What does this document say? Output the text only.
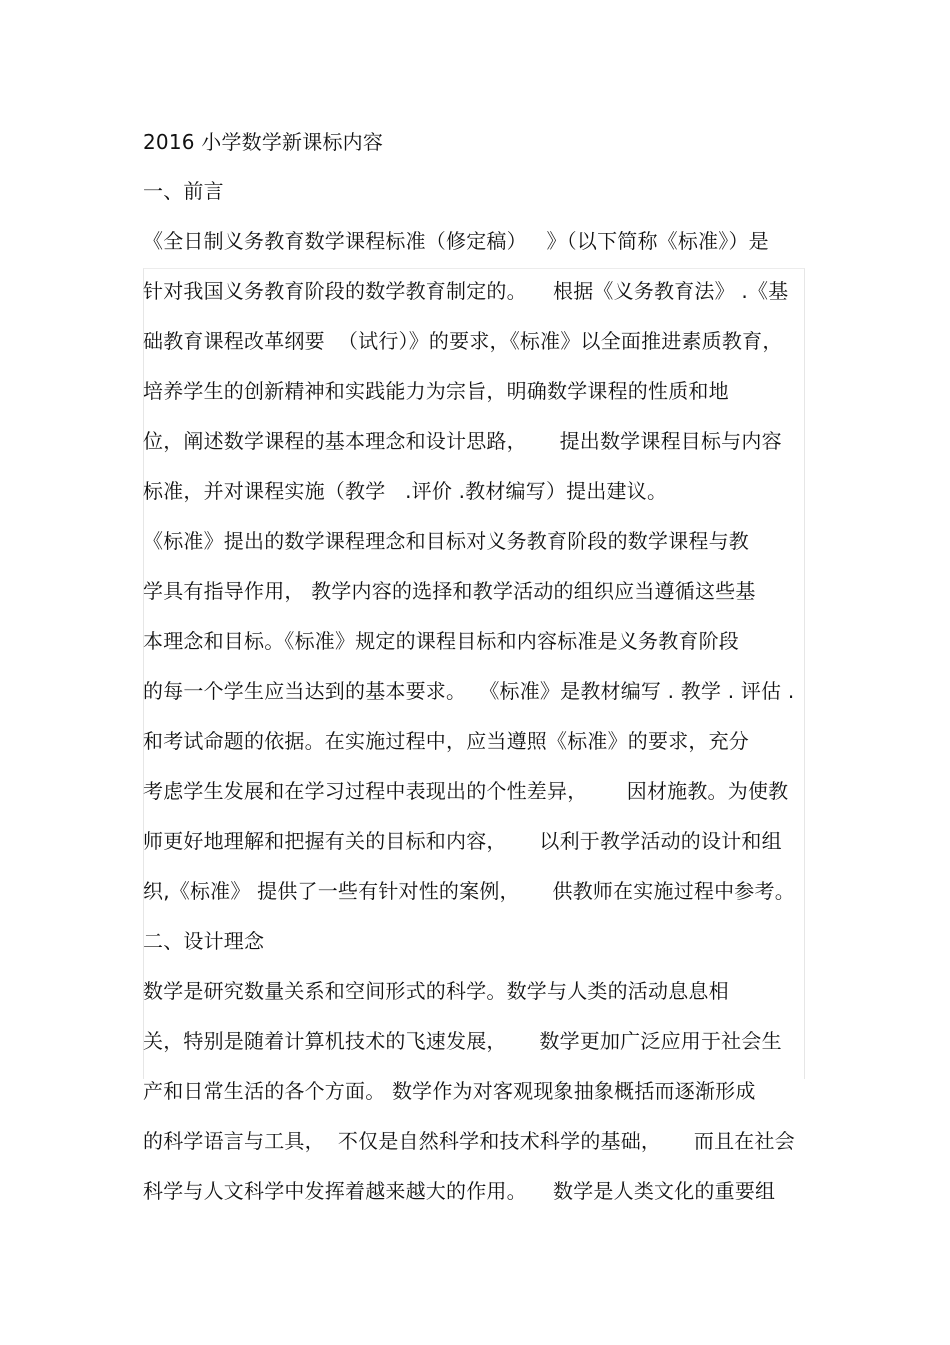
2016 小学数学新课标内容
一、前言
《全日制义务教育数学课程标准（修定稿）   》（以下简称《标准》）是
针对我国义务教育阶段的数学教育制定的。    根据《义务教育法》 .《基
础教育课程改革纲要  （试行）》的要求，《标准》以全面推进素质教育，
培养学生的创新精神和实践能力为宗旨，明确数学课程的性质和地
位，阐述数学课程的基本理念和设计思路，     提出数学课程目标与内容
标准，并对课程实施（教学   .评价 .教材编写）提出建议。
《标准》提出的数学课程理念和目标对义务教育阶段的数学课程与教
学具有指导作用， 教学内容的选择和教学活动的组织应当遵循这些基
本理念和目标。《标准》规定的课程目标和内容标准是义务教育阶段
的每一个学生应当达到的基本要求。  《标准》是教材编写 . 教学 . 评估 .
和考试命题的依据。在实施过程中，应当遵照《标准》的要求，充分
考虑学生发展和在学习过程中表现出的个性差异，      因材施教。为使教
师更好地理解和把握有关的目标和内容，     以利于教学活动的设计和组
织,《标准》 提供了一些有针对性的案例，     供教师在实施过程中参考。
二、设计理念
数学是研究数量关系和空间形式的科学。数学与人类的活动息息相
关，特别是随着计算机技术的飞速发展，     数学更加广泛应用于社会生
产和日常生活的各个方面。 数学作为对客观现象抽象概括而逐渐形成
的科学语言与工具，  不仅是自然科学和技术科学的基础，     而且在社会
科学与人文科学中发挥着越来越大的作用。    数学是人类文化的重要组
